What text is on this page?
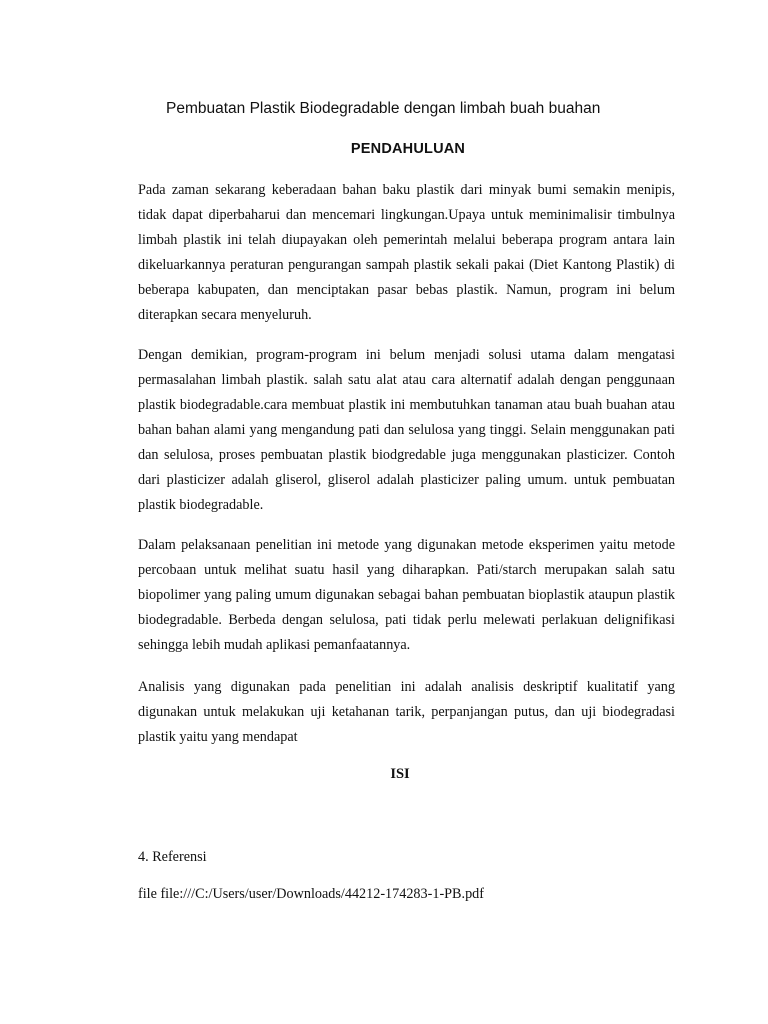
Pembuatan Plastik Biodegradable dengan limbah buah buahan
PENDAHULUAN

Pada zaman sekarang keberadaan bahan baku plastik dari minyak bumi semakin menipis, tidak dapat diperbaharui dan mencemari lingkungan.Upaya untuk meminimalisir timbulnya limbah plastik ini telah diupayakan oleh pemerintah melalui beberapa program antara lain dikeluarkannya peraturan pengurangan sampah plastik sekali pakai (Diet Kantong Plastik) di beberapa kabupaten, dan menciptakan pasar bebas plastik. Namun, program ini belum diterapkan secara menyeluruh.

Dengan demikian, program-program ini belum menjadi solusi utama dalam mengatasi permasalahan limbah plastik. salah satu alat atau cara alternatif adalah dengan penggunaan plastik biodegradable.cara membuat plastik ini membutuhkan tanaman atau buah buahan atau bahan bahan alami yang mengandung pati dan selulosa yang tinggi. Selain menggunakan pati dan selulosa, proses pembuatan plastik biodgredable juga menggunakan plasticizer. Contoh dari plasticizer adalah gliserol, gliserol adalah plasticizer paling umum. untuk pembuatan plastik biodegradable.

Dalam pelaksanaan penelitian ini metode yang digunakan metode eksperimen yaitu metode percobaan untuk melihat suatu hasil yang diharapkan. Pati/starch merupakan salah satu biopolimer yang paling umum digunakan sebagai bahan pembuatan bioplastik ataupun plastik biodegradable. Berbeda dengan selulosa, pati tidak perlu melewati perlakuan delignifikasi sehingga lebih mudah aplikasi pemanfaatannya.

Analisis yang digunakan pada penelitian ini adalah analisis deskriptif kualitatif yang digunakan untuk melakukan uji ketahanan tarik, perpanjangan putus, dan uji biodegradasi plastik yaitu yang mendapat

ISI

4. Referensi

file file:///C:/Users/user/Downloads/44212-174283-1-PB.pdf
